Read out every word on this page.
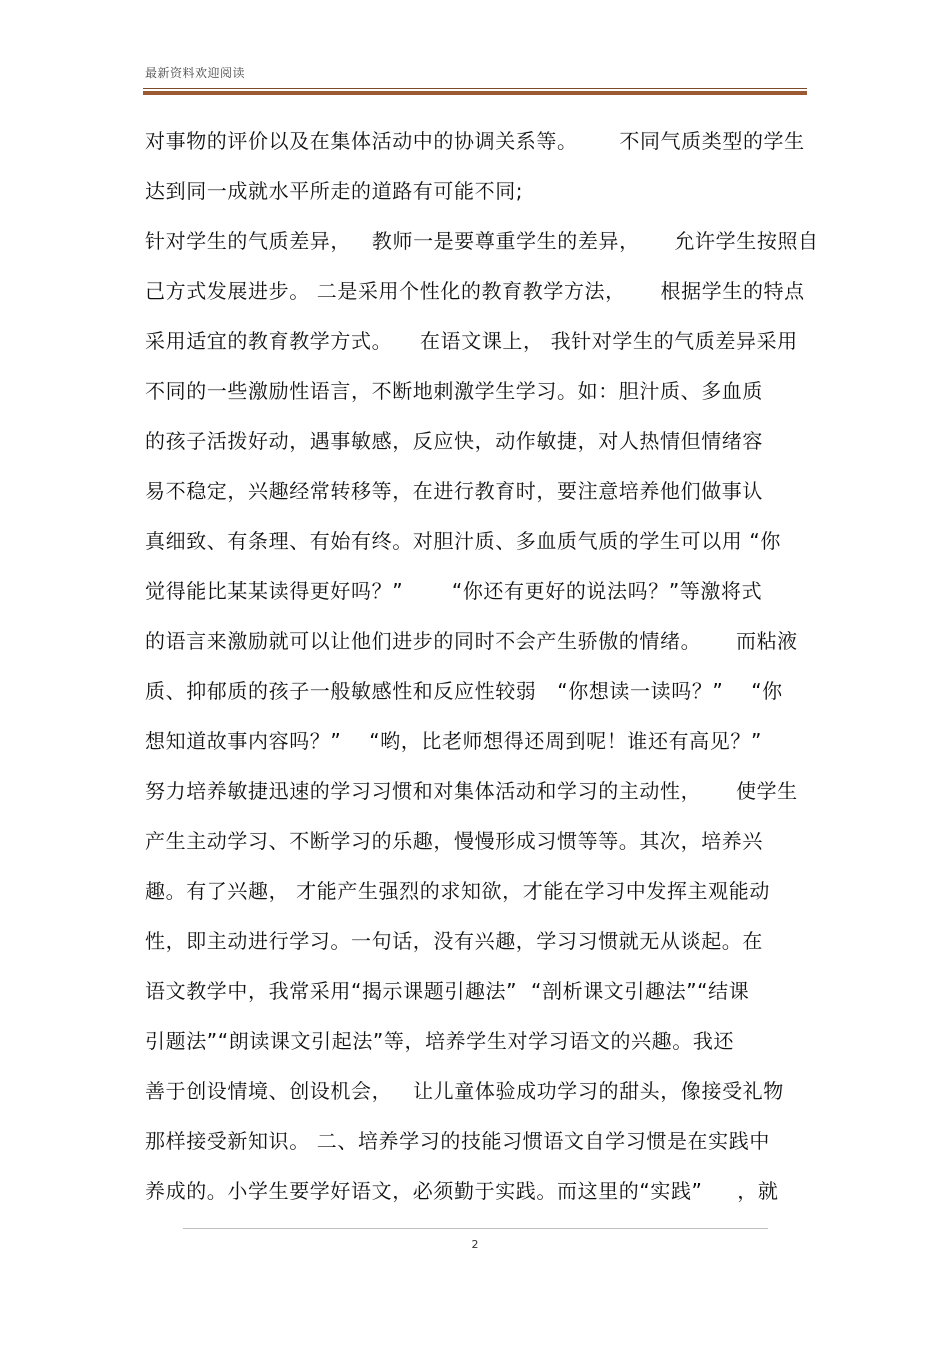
最新资料欢迎阅读
对事物的评价以及在集体活动中的协调关系等。      不同气质类型的学生
达到同一成就水平所走的道路有可能不同;
针对学生的气质差异，   教师一是要尊重学生的差异，     允许学生按照自
己方式发展进步。 二是采用个性化的教育教学方法，     根据学生的特点
采用适宜的教育教学方式。    在语文课上， 我针对学生的气质差异采用
不同的一些激励性语言，不断地刺激学生学习。如：胆汁质、多血质
的孩子活拨好动，遇事敏感，反应快，动作敏捷，对人热情但情绪容
易不稳定，兴趣经常转移等，在进行教育时，要注意培养他们做事认
真细致、有条理、有始有终。对胆汁质、多血质气质的学生可以用 “你
觉得能比某某读得更好吗？”       “你还有更好的说法吗？”等激将式
的语言来激励就可以让他们进步的同时不会产生骄傲的情绪。     而粘液
质、抑郁质的孩子一般敏感性和反应性较弱   “你想读一读吗？”    “你
想知道故事内容吗？”    “哟，比老师想得还周到呢！谁还有高见？”
努力培养敏捷迅速的学习习惯和对集体活动和学习的主动性，     使学生
产生主动学习、不断学习的乐趣，慢慢形成习惯等等。其次，培养兴
趣。有了兴趣， 才能产生强烈的求知欲，才能在学习中发挥主观能动
性，即主动进行学习。一句话，没有兴趣，学习习惯就无从谈起。在
语文教学中，我常采用“揭示课题引趣法”  “剖析课文引趣法”“结课
引题法”“朗读课文引起法”等，培养学生对学习语文的兴趣。我还
善于创设情境、创设机会，   让儿童体验成功学习的甜头，像接受礼物
那样接受新知识。 二、培养学习的技能习惯语文自学习惯是在实践中
养成的。小学生要学好语文，必须勤于实践。而这里的“实践”     ，就
2
